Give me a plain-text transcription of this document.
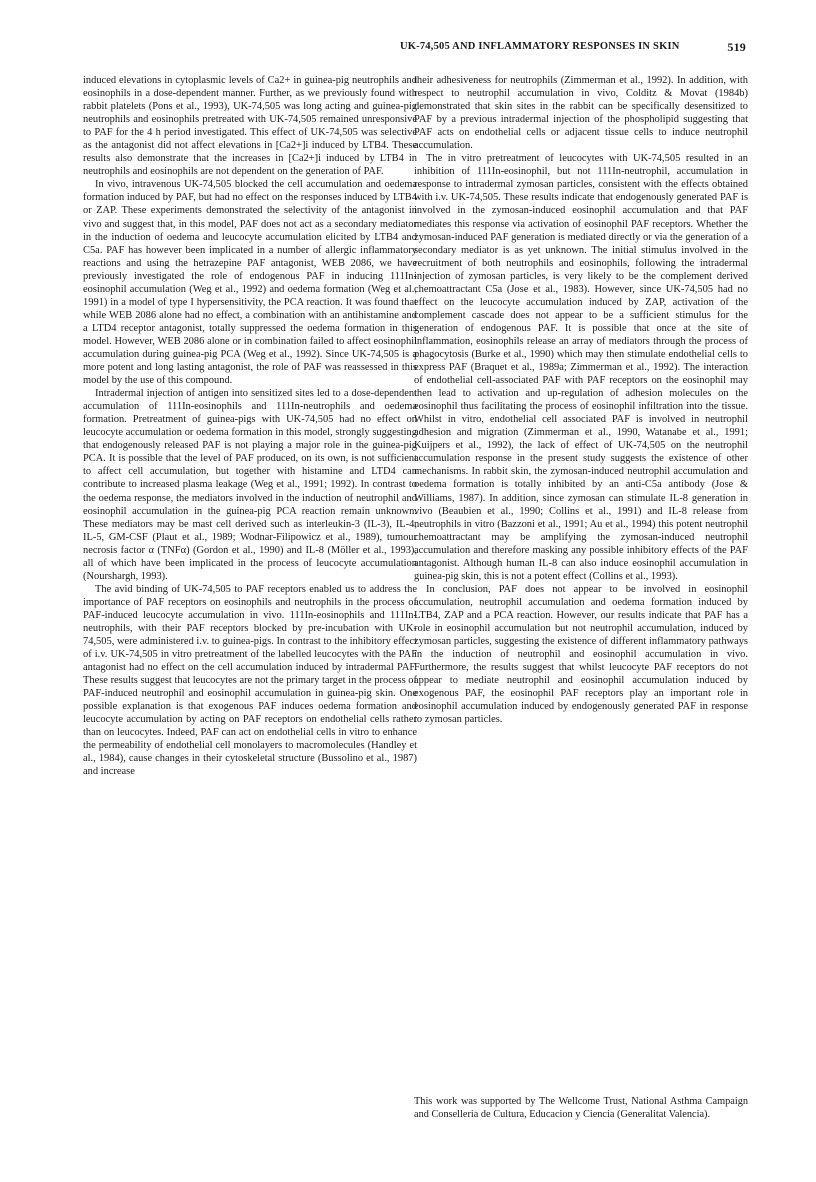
UK-74,505 AND INFLAMMATORY RESPONSES IN SKIN	519

induced elevations in cytoplasmic levels of Ca2+ in guinea-pig neutrophils and eosinophils in a dose-dependent manner. Further, as we previously found with rabbit platelets (Pons et al., 1993), UK-74,505 was long acting and guinea-pig neutrophils and eosinophils pretreated with UK-74,505 remained unresponsive to PAF for the 4 h period investigated. This effect of UK-74,505 was selective as the antagonist did not affect elevations in [Ca2+]i induced by LTB4. These results also demonstrate that the increases in [Ca2+]i induced by LTB4 in neutrophils and eosinophils are not dependent on the generation of PAF.

In vivo, intravenous UK-74,505 blocked the cell accumulation and oedema formation induced by PAF, but had no effect on the responses induced by LTB4 or ZAP. These experiments demonstrated the selectivity of the antagonist in vivo and suggest that, in this model, PAF does not act as a secondary mediator in the induction of oedema and leucocyte accumulation elicited by LTB4 and C5a. PAF has however been implicated in a number of allergic inflammatory reactions and using the hetrazepine PAF antagonist, WEB 2086, we have previously investigated the role of endogenous PAF in inducing 111In-eosinophil accumulation (Weg et al., 1992) and oedema formation (Weg et al., 1991) in a model of type I hypersensitivity, the PCA reaction. It was found that while WEB 2086 alone had no effect, a combination with an antihistamine and a LTD4 receptor antagonist, totally suppressed the oedema formation in this model. However, WEB 2086 alone or in combination failed to affect eosinophil accumulation during guinea-pig PCA (Weg et al., 1992). Since UK-74,505 is a more potent and long lasting antagonist, the role of PAF was reassessed in this model by the use of this compound.

Intradermal injection of antigen into sensitized sites led to a dose-dependent accumulation of 111In-eosinophils and 111In-neutrophils and oedema formation. Pretreatment of guinea-pigs with UK-74,505 had no effect on leucocyte accumulation or oedema formation in this model, strongly suggesting that endogenously released PAF is not playing a major role in the guinea-pig PCA. It is possible that the level of PAF produced, on its own, is not sufficient to affect cell accumulation, but together with histamine and LTD4 can contribute to increased plasma leakage (Weg et al., 1991; 1992). In contrast to the oedema response, the mediators involved in the induction of neutrophil and eosinophil accumulation in the guinea-pig PCA reaction remain unknown. These mediators may be mast cell derived such as interleukin-3 (IL-3), IL-4, IL-5, GM-CSF (Plaut et al., 1989; Wodnar-Filipowicz et al., 1989), tumour necrosis factor α (TNFα) (Gordon et al., 1990) and IL-8 (Möller et al., 1993), all of which have been implicated in the process of leucocyte accumulation (Nourshargh, 1993).

The avid binding of UK-74,505 to PAF receptors enabled us to address the importance of PAF receptors on eosinophils and neutrophils in the process of PAF-induced leucocyte accumulation in vivo. 111In-eosinophils and 111In-neutrophils, with their PAF receptors blocked by pre-incubation with UK-74,505, were administered i.v. to guinea-pigs. In contrast to the inhibitory effect of i.v. UK-74,505 in vitro pretreatment of the labelled leucocytes with the PAF antagonist had no effect on the cell accumulation induced by intradermal PAF. These results suggest that leucocytes are not the primary target in the process of PAF-induced neutrophil and eosinophil accumulation in guinea-pig skin. One possible explanation is that exogenous PAF induces oedema formation and leucocyte accumulation by acting on PAF receptors on endothelial cells rather than on leucocytes. Indeed, PAF can act on endothelial cells in vitro to enhance the permeability of endothelial cell monolayers to macromolecules (Handley et al., 1984), cause changes in their cytoskeletal structure (Bussolino et al., 1987) and increase

their adhesiveness for neutrophils (Zimmerman et al., 1992). In addition, with respect to neutrophil accumulation in vivo, Colditz & Movat (1984b) demonstrated that skin sites in the rabbit can be specifically desensitized to PAF by a previous intradermal injection of the phospholipid suggesting that PAF acts on endothelial cells or adjacent tissue cells to induce neutrophil accumulation.

The in vitro pretreatment of leucocytes with UK-74,505 resulted in an inhibition of 111In-eosinophil, but not 111In-neutrophil, accumulation in response to intradermal zymosan particles, consistent with the effects obtained with i.v. UK-74,505. These results indicate that endogenously generated PAF is involved in the zymosan-induced eosinophil accumulation and that PAF mediates this response via activation of eosinophil PAF receptors. Whether the zymosan-induced PAF generation is mediated directly or via the generation of a secondary mediator is as yet unknown. The initial stimulus involved in the recruitment of both neutrophils and eosinophils, following the intradermal injection of zymosan particles, is very likely to be the complement derived chemoattractant C5a (Jose et al., 1983). However, since UK-74,505 had no effect on the leucocyte accumulation induced by ZAP, activation of the complement cascade does not appear to be a sufficient stimulus for the generation of endogenous PAF. It is possible that once at the site of inflammation, eosinophils release an array of mediators through the process of phagocytosis (Burke et al., 1990) which may then stimulate endothelial cells to express PAF (Braquet et al., 1989a; Zimmerman et al., 1992). The interaction of endothelial cell-associated PAF with PAF receptors on the eosinophil may then lead to activation and up-regulation of adhesion molecules on the eosinophil thus facilitating the process of eosinophil infiltration into the tissue. Whilst in vitro, endothelial cell associated PAF is involved in neutrophil adhesion and migration (Zimmerman et al., 1990, Watanabe et al., 1991; Kuijpers et al., 1992), the lack of effect of UK-74,505 on the neutrophil accumulation response in the present study suggests the existence of other mechanisms. In rabbit skin, the zymosan-induced neutrophil accumulation and oedema formation is totally inhibited by an anti-C5a antibody (Jose & Williams, 1987). In addition, since zymosan can stimulate IL-8 generation in vivo (Beaubien et al., 1990; Collins et al., 1991) and IL-8 release from neutrophils in vitro (Bazzoni et al., 1991; Au et al., 1994) this potent neutrophil chemoattractant may be amplifying the zymosan-induced neutrophil accumulation and therefore masking any possible inhibitory effects of the PAF antagonist. Although human IL-8 can also induce eosinophil accumulation in guinea-pig skin, this is not a potent effect (Collins et al., 1993).

In conclusion, PAF does not appear to be involved in eosinophil accumulation, neutrophil accumulation and oedema formation induced by LTB4, ZAP and a PCA reaction. However, our results indicate that PAF has a role in eosinophil accumulation but not neutrophil accumulation, induced by zymosan particles, suggesting the existence of different inflammatory pathways in the induction of neutrophil and eosinophil accumulation in vivo. Furthermore, the results suggest that whilst leucocyte PAF receptors do not appear to mediate neutrophil and eosinophil accumulation induced by exogenous PAF, the eosinophil PAF receptors play an important role in eosinophil accumulation induced by endogenously generated PAF in response to zymosan particles.

This work was supported by The Wellcome Trust, National Asthma Campaign and Conselleria de Cultura, Educacion y Ciencia (Generalitat Valencia).
